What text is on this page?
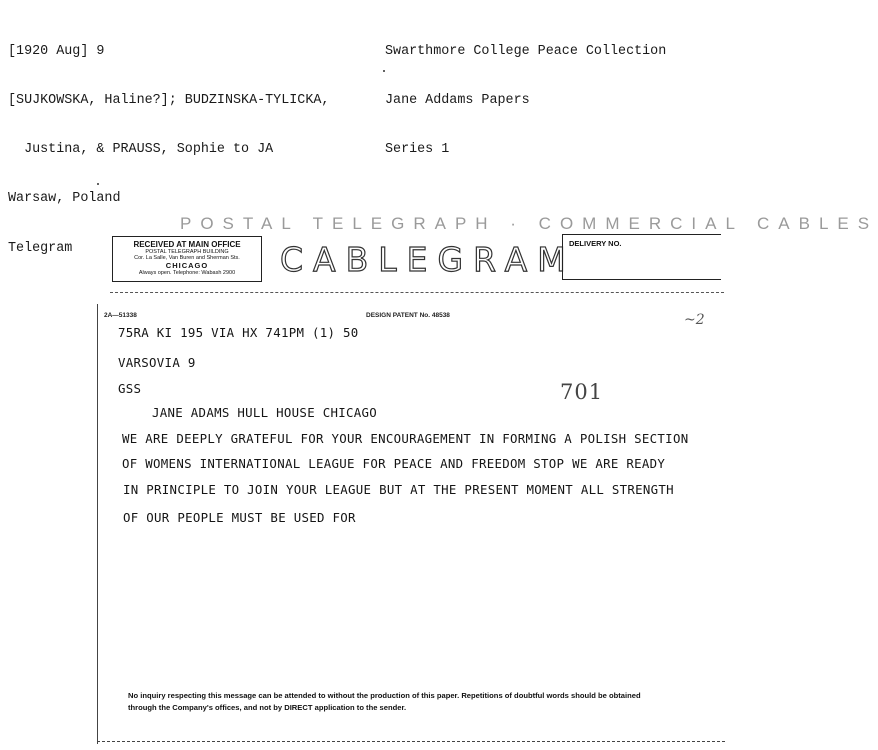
[1920 Aug] 9

[SUJKOWSKA, Haline?]; BUDZINSKA-TYLICKA,

Justina, & PRAUSS, Sophie to JA

Warsaw, Poland

Telegram

Swarthmore College Peace Collection

Jane Addams Papers

Series 1

POSTAL TELEGRAPH · COMMERCIAL CABLES
RECEIVED AT MAIN OFFICE
POSTAL TELEGRAPH BUILDING
Cor. La Salle, Van Buren and Sherman Sts.
CHICAGO
Always open. Telephone: Wabash 2900	CABLEGRAM
DELIVERY NO.
2A—51338	DESIGN PATENT No. 48538	~2
701
75RA KI 195 VIA HX 741PM (1) 50
VARSOVIA 9
GSS
JANE ADAMS HULL HOUSE CHICAGO
WE ARE DEEPLY GRATEFUL FOR YOUR ENCOURAGEMENT IN FORMING A POLISH SECTION
OF WOMENS INTERNATIONAL LEAGUE FOR PEACE AND FREEDOM STOP WE ARE READY
IN PRINCIPLE TO JOIN YOUR LEAGUE BUT AT THE PRESENT MOMENT ALL STRENGTH
OF OUR PEOPLE MUST BE USED FOR
No inquiry respecting this message can be attended to without the production of this paper. Repetitions of doubtful words should be obtained
through the Company's offices, and not by DIRECT application to the sender.
